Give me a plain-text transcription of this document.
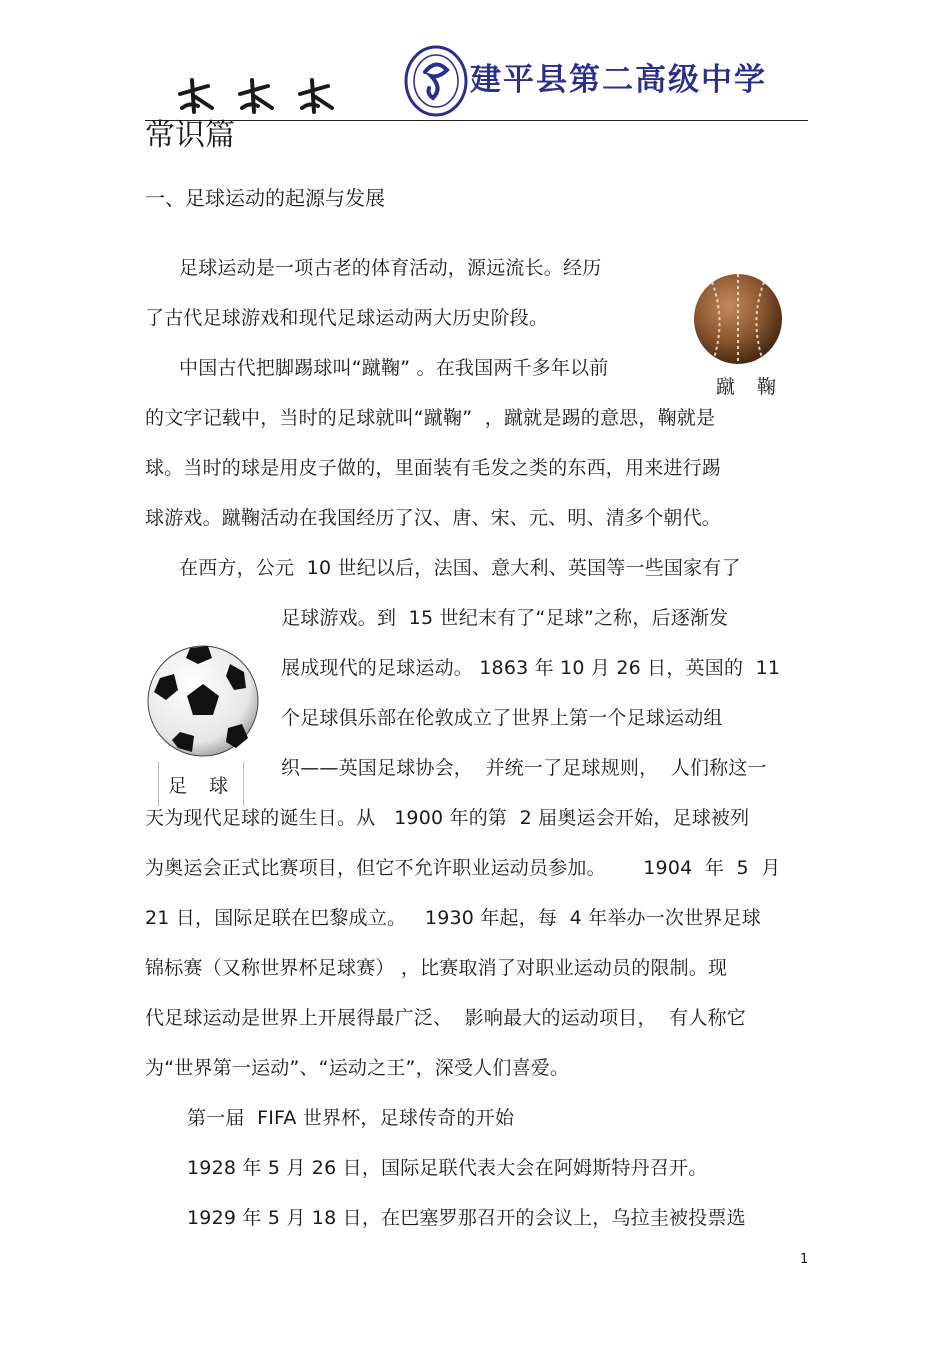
建平县第二高级中学
常识篇
一、足球运动的起源与发展
蹴 鞠
足 球
足球运动是一项古老的体育活动，源远流长。经历
了古代足球游戏和现代足球运动两大历史阶段。
中国古代把脚踢球叫“蹴鞠” 。在我国两千多年以前
的文字记载中，当时的足球就叫“蹴鞠”  ，蹴就是踢的意思，鞠就是
球。当时的球是用皮子做的，里面装有毛发之类的东西，用来进行踢
球游戏。蹴鞠活动在我国经历了汉、唐、宋、元、明、清多个朝代。
在西方，公元  10 世纪以后，法国、意大利、英国等一些国家有了
足球游戏。到  15 世纪末有了“足球”之称，后逐渐发
展成现代的足球运动。 1863 年 10 月 26 日，英国的  11
个足球俱乐部在伦敦成立了世界上第一个足球运动组
织——英国足球协会，  并统一了足球规则，  人们称这一
天为现代足球的诞生日。从   1900 年的第  2 届奥运会开始，足球被列
为奥运会正式比赛项目，但它不允许职业运动员参加。      1904  年  5  月
21 日，国际足联在巴黎成立。   1930 年起，每  4 年举办一次世界足球
锦标赛（又称世界杯足球赛） ，比赛取消了对职业运动员的限制。现
代足球运动是世界上开展得最广泛、  影响最大的运动项目，  有人称它
为“世界第一运动”、“运动之王”，深受人们喜爱。
第一届  FIFA 世界杯，足球传奇的开始
1928 年 5 月 26 日，国际足联代表大会在阿姆斯特丹召开。
1929 年 5 月 18 日，在巴塞罗那召开的会议上，乌拉圭被投票选
1
